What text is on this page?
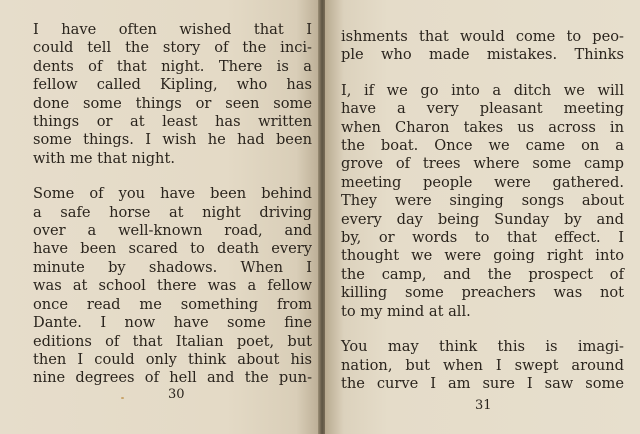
I have often wished that I
could tell the story of the inci-
dents of that night. There is a
fellow called Kipling, who has
done some things or seen some
things or at least has written
some things. I wish he had been
with me that night.

Some of you have been behind
a safe horse at night driving
over a well-known road, and
have been scared to death every
minute by shadows. When I
was at school there was a fellow
once read me something from
Dante. I now have some fine
editions of that Italian poet, but
then I could only think about his
nine degrees of hell and the pun-

30

ishments that would come to peo-
ple who made mistakes. Thinks

I, if we go into a ditch we will
have a very pleasant meeting
when Charon takes us across in
the boat. Once we came on a
grove of trees where some camp
meeting people were gathered.
They were singing songs about
every day being Sunday by and
by, or words to that effect. I
thought we were going right into
the camp, and the prospect of
killing some preachers was not
to my mind at all.

You may think this is imagi-
nation, but when I swept around
the curve I am sure I saw some

31
